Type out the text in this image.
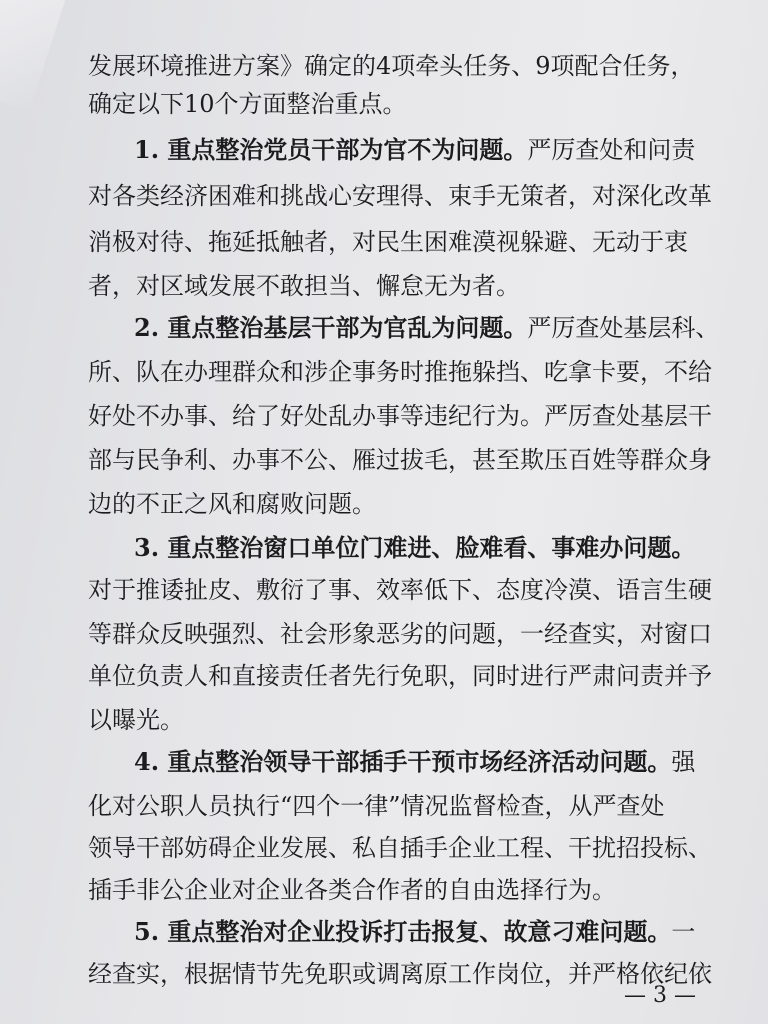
发展环境推进方案》确定的4项牵头任务、9项配合任务，
确定以下10个方面整治重点。
1. 重点整治党员干部为官不为问题。严厉查处和问责
对各类经济困难和挑战心安理得、束手无策者，对深化改革
消极对待、拖延抵触者，对民生困难漠视躲避、无动于衷
者，对区域发展不敢担当、懈怠无为者。
2. 重点整治基层干部为官乱为问题。严厉查处基层科、
所、队在办理群众和涉企事务时推拖躲挡、吃拿卡要，不给
好处不办事、给了好处乱办事等违纪行为。严厉查处基层干
部与民争利、办事不公、雁过拔毛，甚至欺压百姓等群众身
边的不正之风和腐败问题。
3. 重点整治窗口单位门难进、脸难看、事难办问题。
对于推诿扯皮、敷衍了事、效率低下、态度冷漠、语言生硬
等群众反映强烈、社会形象恶劣的问题，一经查实，对窗口
单位负责人和直接责任者先行免职，同时进行严肃问责并予
以曝光。
4. 重点整治领导干部插手干预市场经济活动问题。强
化对公职人员执行“四个一律”情况监督检查，从严查处
领导干部妨碍企业发展、私自插手企业工程、干扰招投标、
插手非公企业对企业各类合作者的自由选择行为。
5. 重点整治对企业投诉打击报复、故意刁难问题。一
经查实，根据情节先免职或调离原工作岗位，并严格依纪依
— 3 —
